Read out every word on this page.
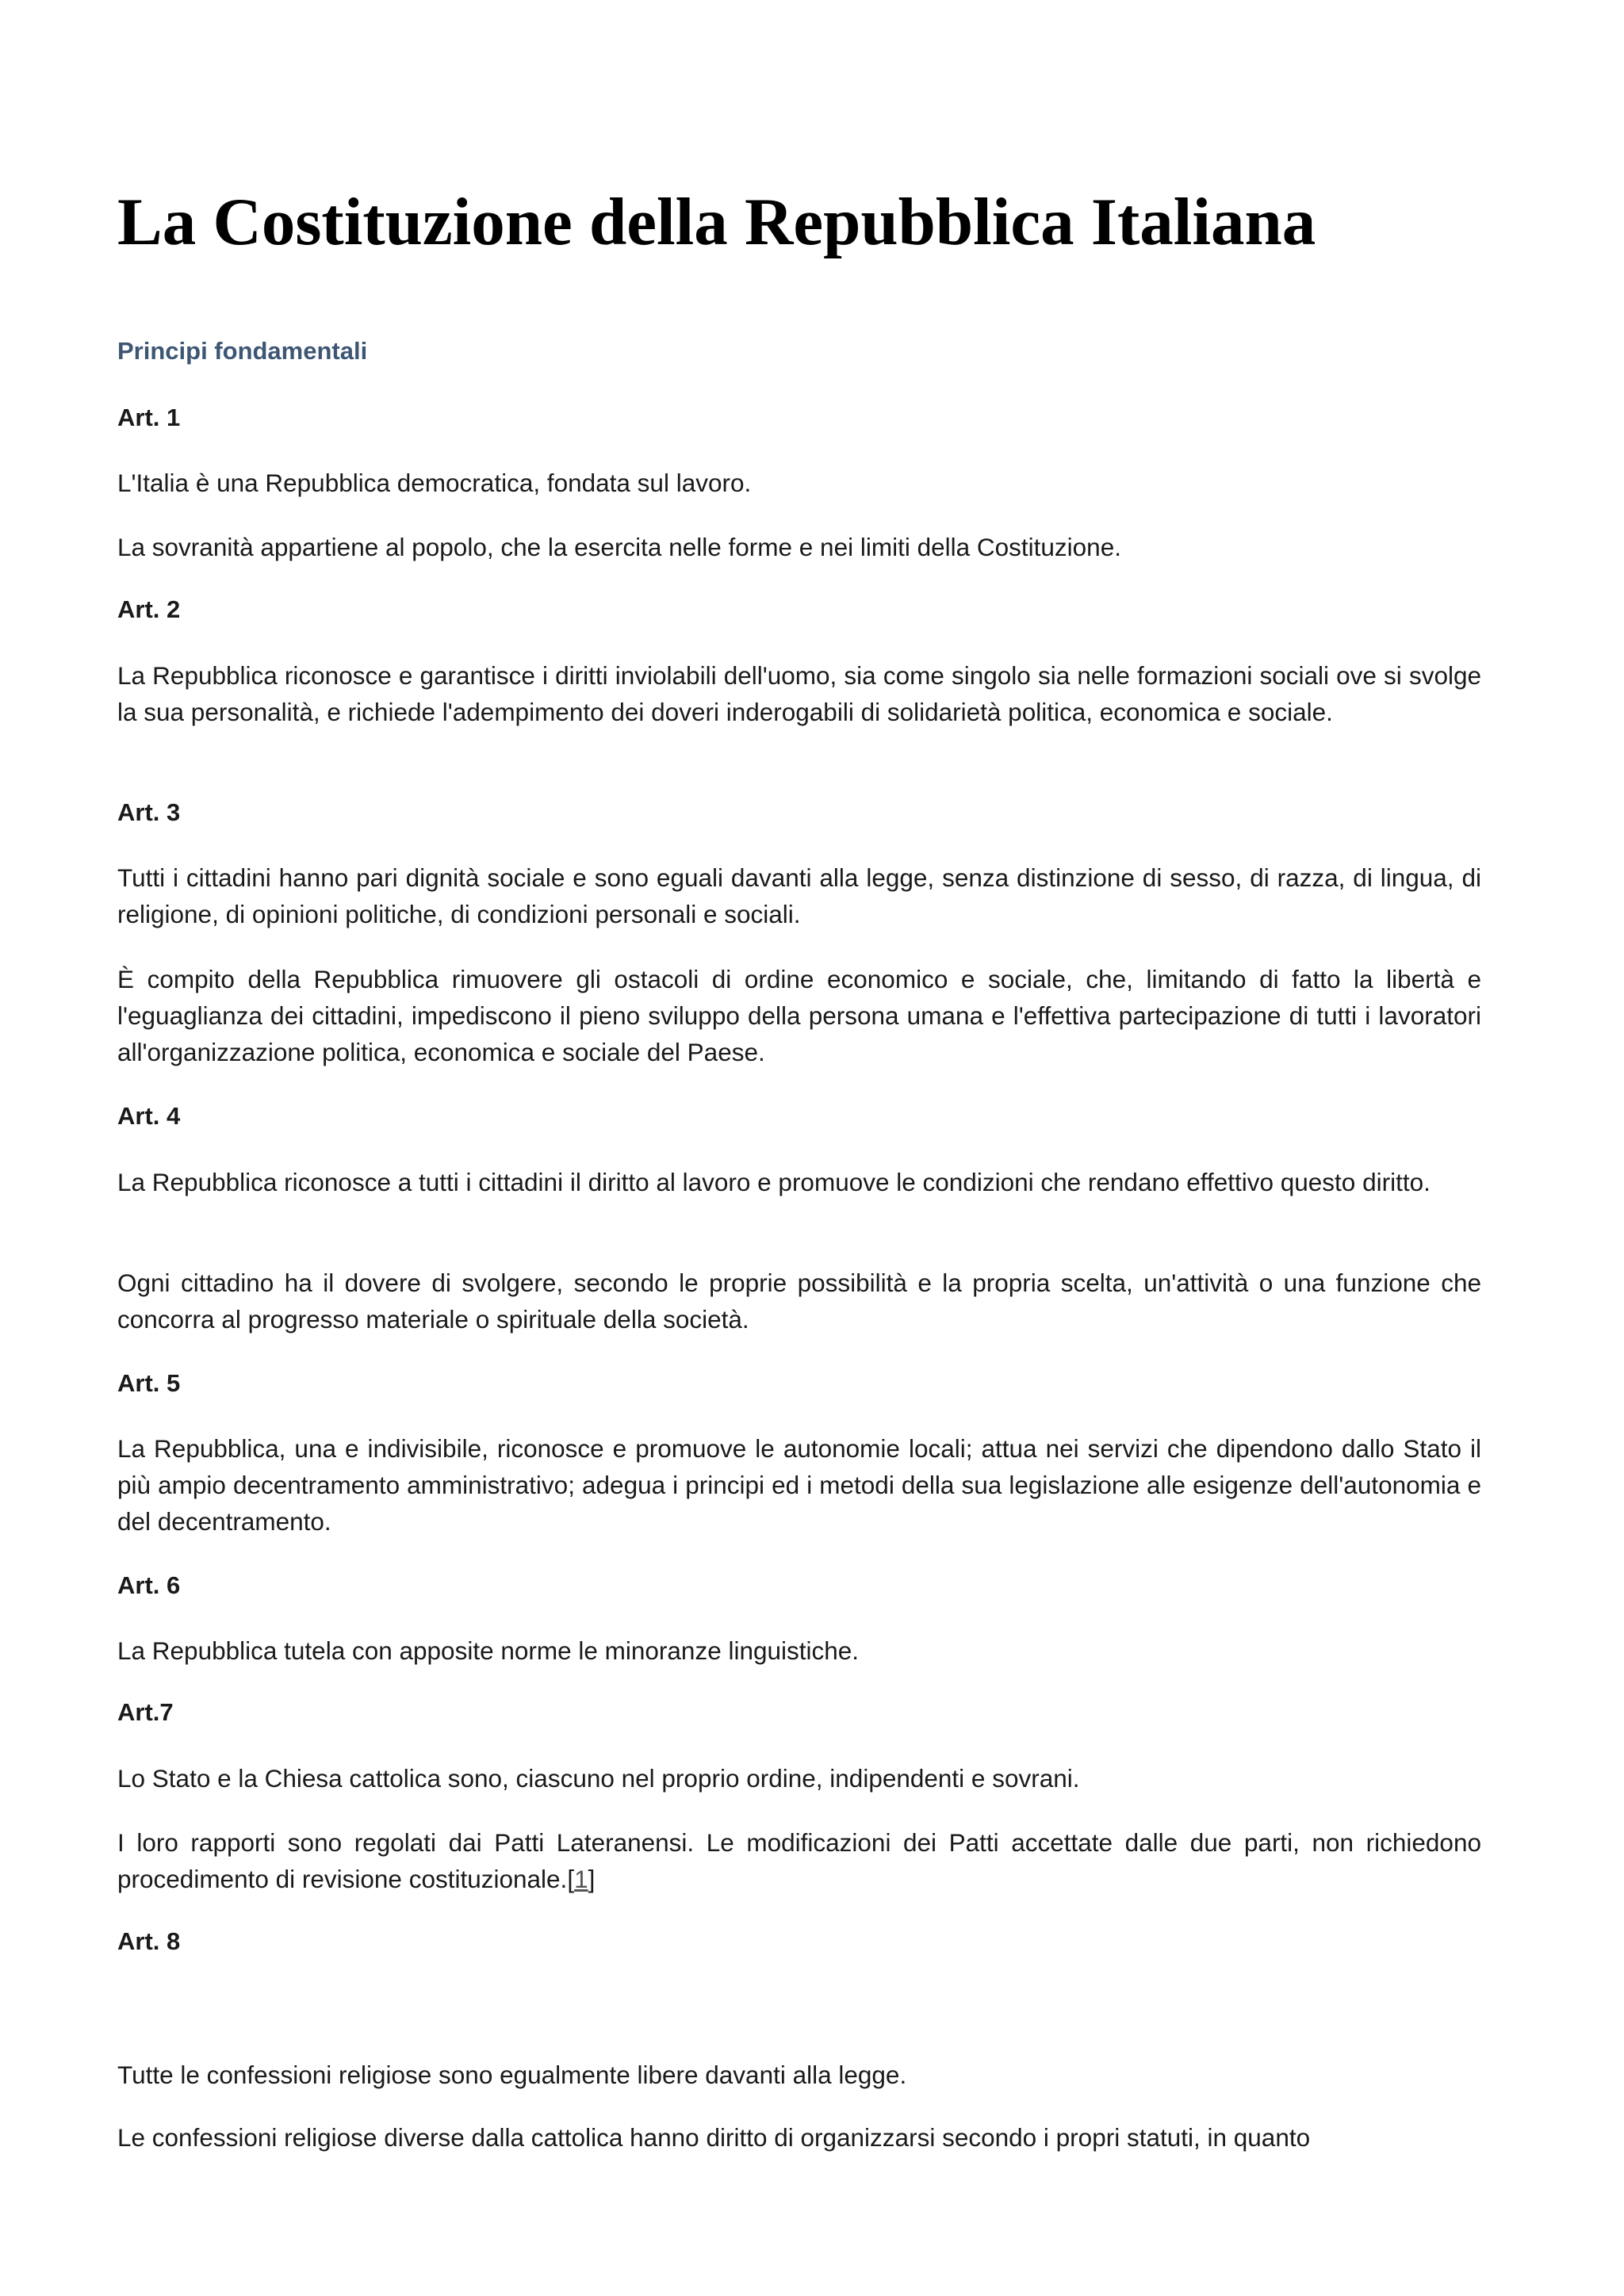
La Costituzione della Repubblica Italiana
Principi fondamentali
Art. 1

L'Italia è una Repubblica democratica, fondata sul lavoro.

La sovranità appartiene al popolo, che la esercita nelle forme e nei limiti della Costituzione.

Art. 2

La Repubblica riconosce e garantisce i diritti inviolabili dell'uomo, sia come singolo sia nelle formazioni sociali ove si svolge la sua personalità, e richiede l'adempimento dei doveri inderogabili di solidarietà politica, economica e sociale.

Art. 3

Tutti i cittadini hanno pari dignità sociale e sono eguali davanti alla legge, senza distinzione di sesso, di razza, di lingua, di religione, di opinioni politiche, di condizioni personali e sociali.

È compito della Repubblica rimuovere gli ostacoli di ordine economico e sociale, che, limitando di fatto la libertà e l'eguaglianza dei cittadini, impediscono il pieno sviluppo della persona umana e l'effettiva partecipazione di tutti i lavoratori all'organizzazione politica, economica e sociale del Paese.

Art. 4

La Repubblica riconosce a tutti i cittadini il diritto al lavoro e promuove le condizioni che rendano effettivo questo diritto.

Ogni cittadino ha il dovere di svolgere, secondo le proprie possibilità e la propria scelta, un'attività o una funzione che concorra al progresso materiale o spirituale della società.

Art. 5

La Repubblica, una e indivisibile, riconosce e promuove le autonomie locali; attua nei servizi che dipendono dallo Stato il più ampio decentramento amministrativo; adegua i principi ed i metodi della sua legislazione alle esigenze dell'autonomia e del decentramento.

Art. 6

La Repubblica tutela con apposite norme le minoranze linguistiche.

Art.7

Lo Stato e la Chiesa cattolica sono, ciascuno nel proprio ordine, indipendenti e sovrani.

I loro rapporti sono regolati dai Patti Lateranensi. Le modificazioni dei Patti accettate dalle due parti, non richiedono procedimento di revisione costituzionale.[1]

Art. 8

Tutte le confessioni religiose sono egualmente libere davanti alla legge.

Le confessioni religiose diverse dalla cattolica hanno diritto di organizzarsi secondo i propri statuti, in quanto
